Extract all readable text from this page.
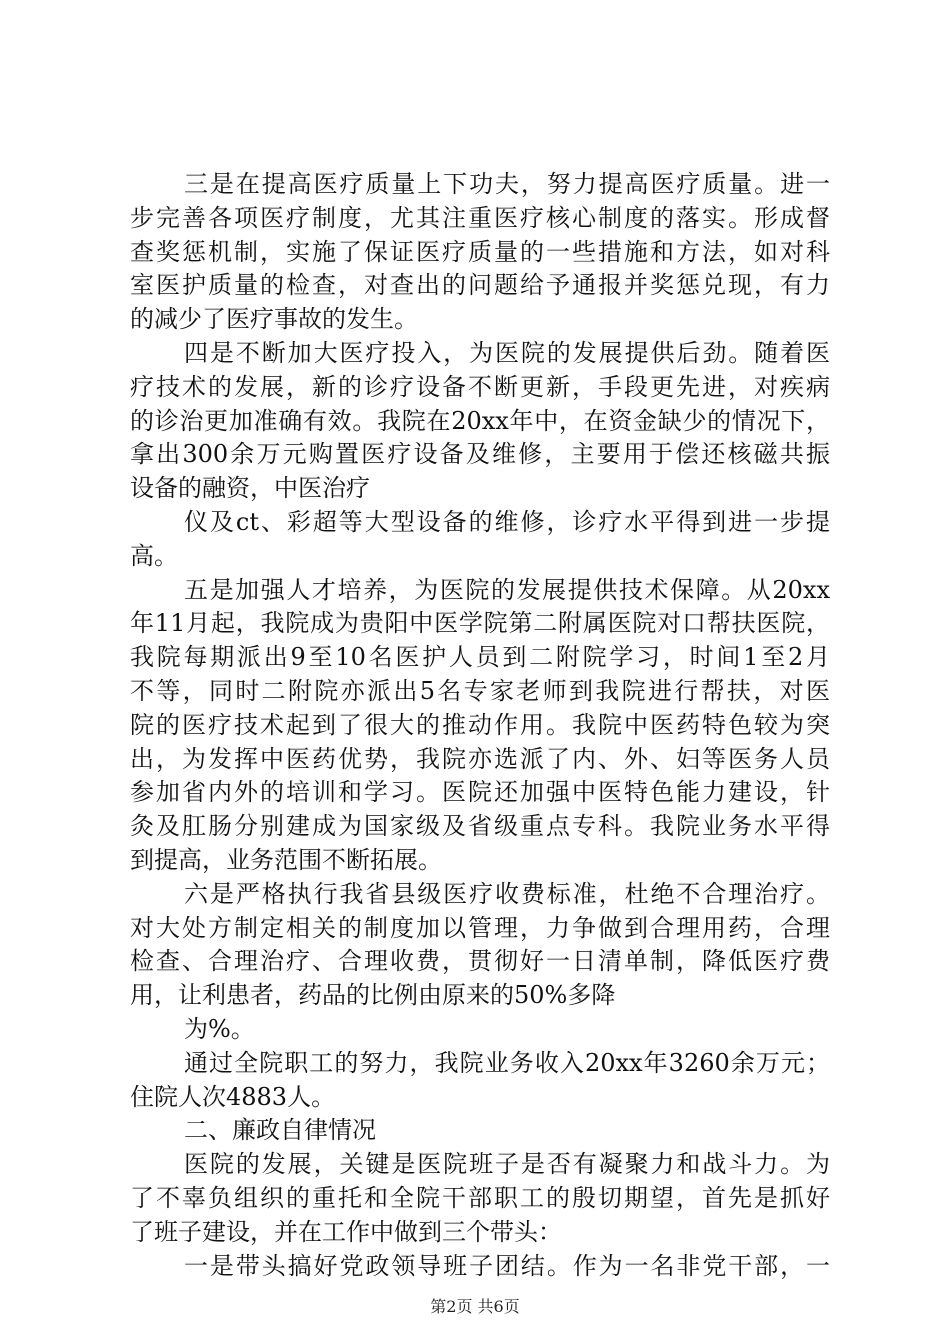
三是在提高医疗质量上下功夫，努力提高医疗质量。进一
步完善各项医疗制度，尤其注重医疗核心制度的落实。形成督
查奖惩机制，实施了保证医疗质量的一些措施和方法，如对科
室医护质量的检查，对查出的问题给予通报并奖惩兑现，有力
的减少了医疗事故的发生。
四是不断加大医疗投入，为医院的发展提供后劲。随着医
疗技术的发展，新的诊疗设备不断更新，手段更先进，对疾病
的诊治更加准确有效。我院在20xx年中，在资金缺少的情况下，
拿出300余万元购置医疗设备及维修，主要用于偿还核磁共振
设备的融资，中医治疗
仪及ct、彩超等大型设备的维修，诊疗水平得到进一步提
高。
五是加强人才培养，为医院的发展提供技术保障。从20xx
年11月起，我院成为贵阳中医学院第二附属医院对口帮扶医院，
我院每期派出9至10名医护人员到二附院学习，时间1至2月
不等，同时二附院亦派出5名专家老师到我院进行帮扶，对医
院的医疗技术起到了很大的推动作用。我院中医药特色较为突
出，为发挥中医药优势，我院亦选派了内、外、妇等医务人员
参加省内外的培训和学习。医院还加强中医特色能力建设，针
灸及肛肠分别建成为国家级及省级重点专科。我院业务水平得
到提高，业务范围不断拓展。
六是严格执行我省县级医疗收费标准，杜绝不合理治疗。
对大处方制定相关的制度加以管理，力争做到合理用药，合理
检查、合理治疗、合理收费，贯彻好一日清单制，降低医疗费
用，让利患者，药品的比例由原来的50%多降
为%。
通过全院职工的努力，我院业务收入20xx年3260余万元；
住院人次4883人。
二、廉政自律情况
医院的发展，关键是医院班子是否有凝聚力和战斗力。为
了不辜负组织的重托和全院干部职工的殷切期望，首先是抓好
了班子建设，并在工作中做到三个带头：
一是带头搞好党政领导班子团结。作为一名非党干部，一
第2页 共6页
